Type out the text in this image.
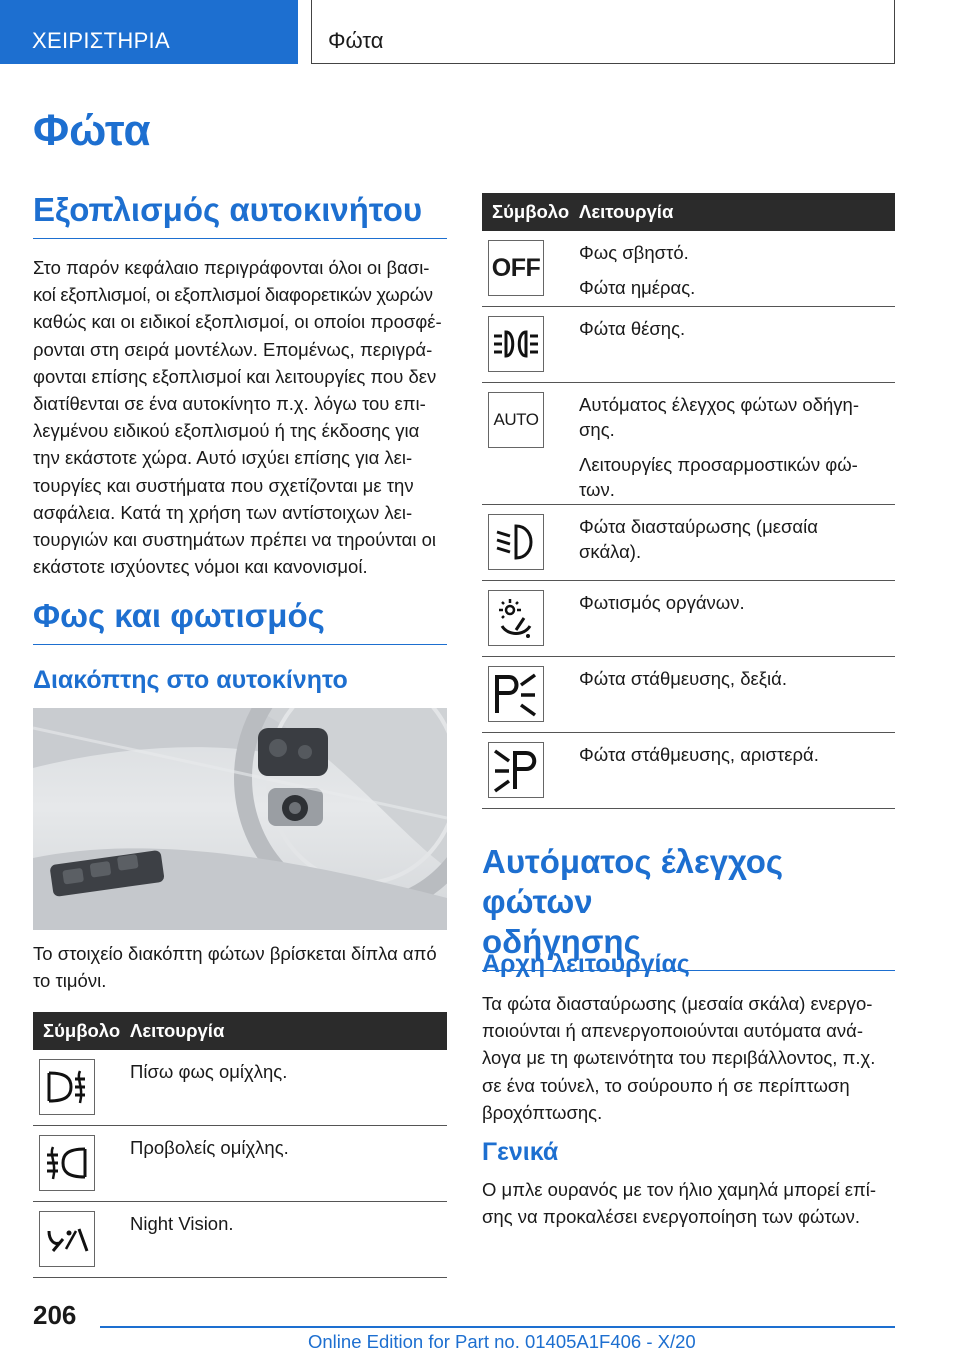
ΧΕΙΡΙΣΤΗΡΙΑ	Φώτα
Φώτα
Εξοπλισμός αυτοκινήτου
Στο παρόν κεφάλαιο περιγράφονται όλοι οι βασι-
κοί εξοπλισμοί, οι εξοπλισμοί διαφορετικών χωρών
καθώς και οι ειδικοί εξοπλισμοί, οι οποίοι προσφέ-
ρονται στη σειρά μοντέλων. Επομένως, περιγρά-
φονται επίσης εξοπλισμοί και λειτουργίες που δεν
διατίθενται σε ένα αυτοκίνητο π.χ. λόγω του επι-
λεγμένου ειδικού εξοπλισμού ή της έκδοσης για
την εκάστοτε χώρα. Αυτό ισχύει επίσης για λει-
τουργίες και συστήματα που σχετίζονται με την
ασφάλεια. Κατά τη χρήση των αντίστοιχων λει-
τουργιών και συστημάτων πρέπει να τηρούνται οι
εκάστοτε ισχύοντες νόμοι και κανονισμοί.
Φως και φωτισμός
Διακόπτης στο αυτοκίνητο
Το στοιχείο διακόπτη φώτων βρίσκεται δίπλα από
το τιμόνι.
Σύμβολο Λειτουργία

Πίσω φως ομίχλης.

Προβολείς ομίχλης.

Night Vision.

Σύμβολο Λειτουργία
OFF

Φως σβηστό.

Φώτα ημέρας.

Φώτα θέσης.

AUTO

Αυτόματος έλεγχος φώτων οδήγη-
σης.

Λειτουργίες προσαρμοστικών φώ-
των.

Φώτα διασταύρωσης (μεσαία
σκάλα).

Φωτισμός οργάνων.

Φώτα στάθμευσης, δεξιά.

Φώτα στάθμευσης, αριστερά.

Αυτόματος έλεγχος φώτων
οδήγησης
Αρχή λειτουργίας
Τα φώτα διασταύρωσης (μεσαία σκάλα) ενεργο-
ποιούνται ή απενεργοποιούνται αυτόματα ανά-
λογα με τη φωτεινότητα του περιβάλλοντος, π.χ.
σε ένα τούνελ, το σούρουπο ή σε περίπτωση
βροχόπτωσης.
Γενικά
Ο μπλε ουρανός με τον ήλιο χαμηλά μπορεί επί-
σης να προκαλέσει ενεργοποίηση των φώτων.
206
Online Edition for Part no. 01405A1F406 - X/20
